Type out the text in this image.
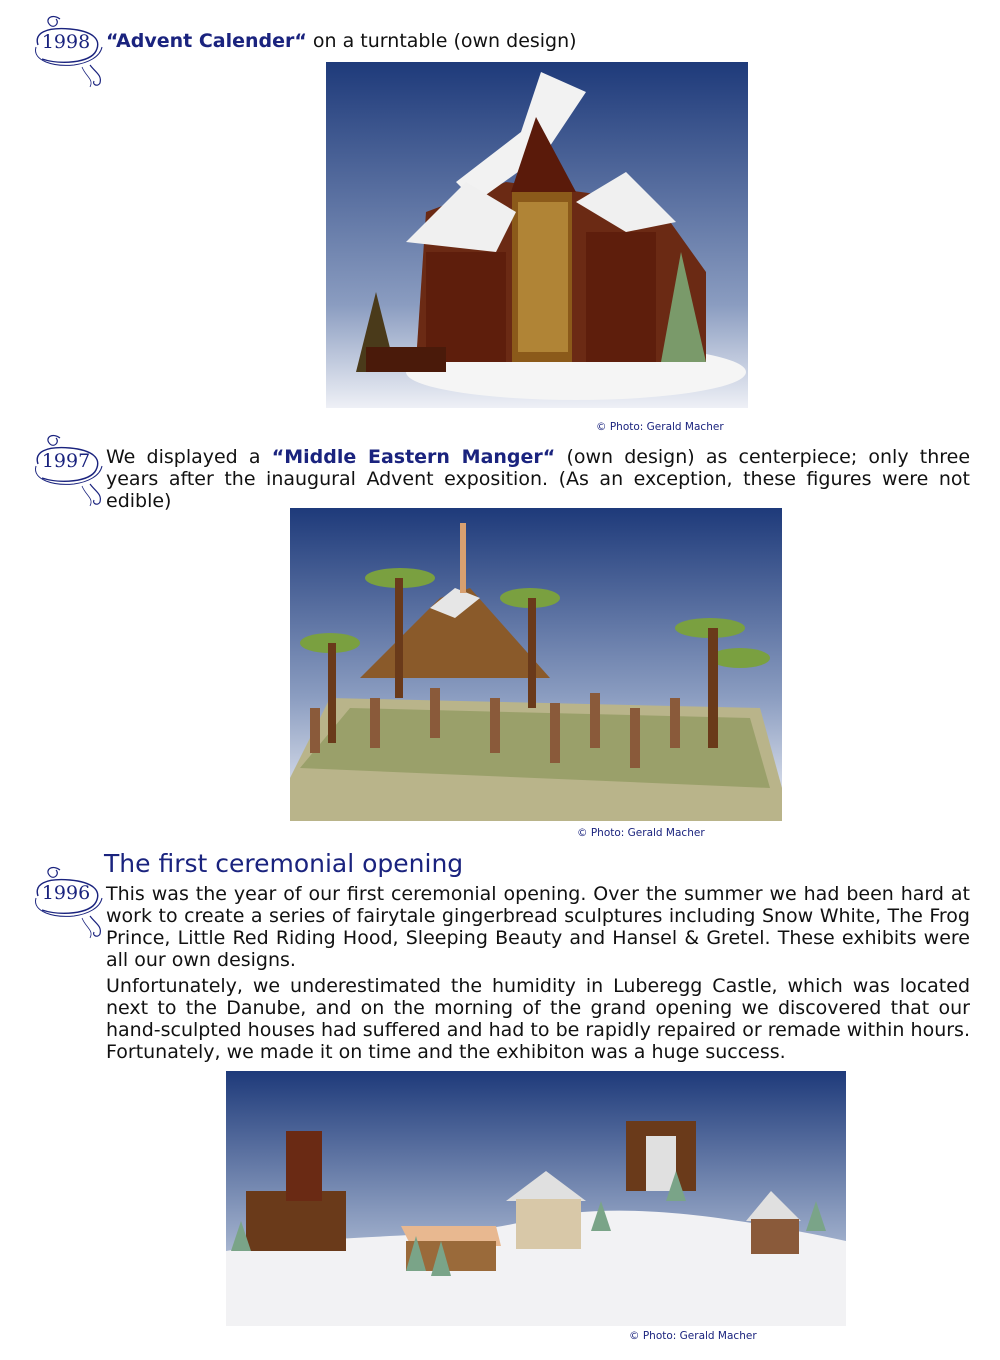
1998 “Advent Calender“ on a turntable (own design)
© Photo: Gerald Macher
1997 We displayed a “Middle Eastern Manger“ (own design) as centerpiece; only three years after the inaugural Advent exposition. (As an exception, these figures were not edible)
© Photo: Gerald Macher
The first ceremonial opening
1996 This was the year of our first ceremonial opening. Over the summer we had been hard at work to create a series of fairytale gingerbread sculptures including Snow White, The Frog Prince, Little Red Riding Hood, Sleeping Beauty and Hansel & Gretel. These exhibits were all our own designs.
Unfortunately, we underestimated the humidity in Luberegg Castle, which was located next to the Danube, and on the morning of the grand opening we discovered that our hand-sculpted houses had suffered and had to be rapidly repaired or remade within hours. Fortunately, we made it on time and the exhibiton was a huge success.
© Photo: Gerald Macher
